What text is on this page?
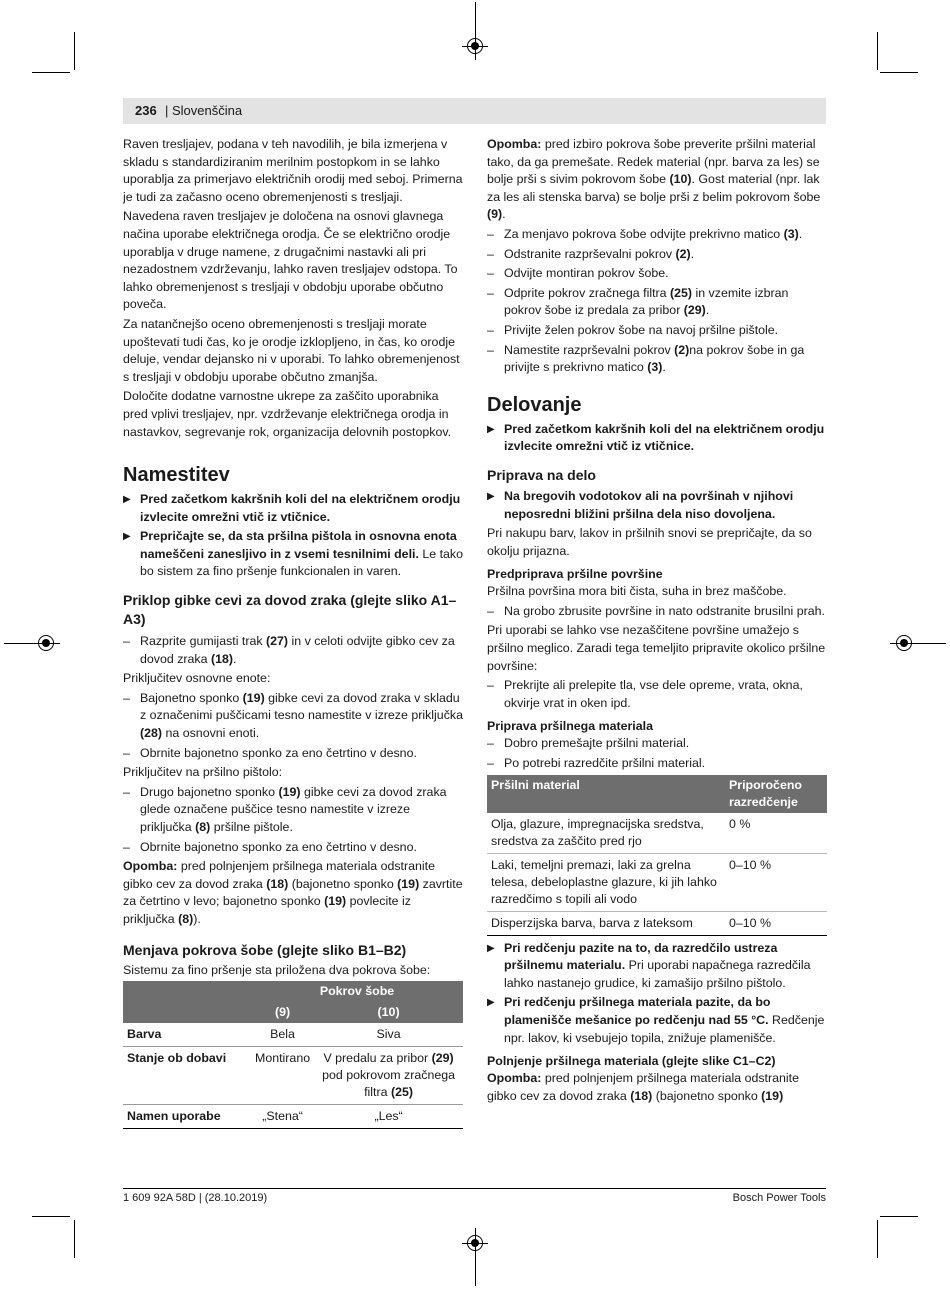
236 | Slovenščina

Raven tresljajev, podana v teh navodilih, je bila izmerjena v skladu s standardiziranim merilnim postopkom in se lahko uporablja za primerjavo električnih orodij med seboj. Primerna je tudi za začasno oceno obremenjenosti s tresljaji.

Navedena raven tresljajev je določena na osnovi glavnega načina uporabe električnega orodja. Če se električno orodje uporablja v druge namene, z drugačnimi nastavki ali pri nezadostnem vzdrževanju, lahko raven tresljajev odstopa. To lahko obremenjenost s tresljaji v obdobju uporabe občutno poveča.

Za natančnejšo oceno obremenjenosti s tresljaji morate upoštevati tudi čas, ko je orodje izklopljeno, in čas, ko orodje deluje, vendar dejansko ni v uporabi. To lahko obremenjenost s tresljaji v obdobju uporabe občutno zmanjša.

Določite dodatne varnostne ukrepe za zaščito uporabnika pred vplivi tresljajev, npr. vzdrževanje električnega orodja in nastavkov, segrevanje rok, organizacija delovnih postopkov.

Namestitev
▶ Pred začetkom kakršnih koli del na električnem orodju izvlecite omrežni vtič iz vtičnice.
▶ Prepričajte se, da sta pršilna pištola in osnovna enota nameščeni zanesljivo in z vsemi tesnilnimi deli. Le tako bo sistem za fino pršenje funkcionalen in varen.
Priklop gibke cevi za dovod zraka (glejte sliko A1–A3)
– Razprite gumijasti trak (27) in v celoti odvijte gibko cev za dovod zraka (18).

Priključitev osnovne enote:

– Bajonetno sponko (19) gibke cevi za dovod zraka v skladu z označenimi puščicami tesno namestite v izreze priključka (28) na osnovni enoti.
– Obrnite bajonetno sponko za eno četrtino v desno.

Priključitev na pršilno pištolo:

– Drugo bajonetno sponko (19) gibke cevi za dovod zraka glede označene puščice tesno namestite v izreze priključka (8) pršilne pištole.
– Obrnite bajonetno sponko za eno četrtino v desno.

Opomba: pred polnjenjem pršilnega materiala odstranite gibko cev za dovod zraka (18) (bajonetno sponko (19) zavrtite za četrtino v levo; bajonetno sponko (19) povlecite iz priključka (8)).

Menjava pokrova šobe (glejte sliko B1–B2)

Sistemu za fino pršenje sta priložena dva pokrova šobe:

	Pokrov šobe	
	(9)	(10)
Barva	Bela	Siva
Stanje ob dobavi	Montirano	V predalu za pribor (29) pod pokrovom zračnega filtra (25)
Namen uporabe	„Stena“	„Les“

Opomba: pred izbiro pokrova šobe preverite pršilni material tako, da ga premešate. Redek material (npr. barva za les) se bolje prši s sivim pokrovom šobe (10). Gost material (npr. lak za les ali stenska barva) se bolje prši z belim pokrovom šobe (9).

– Za menjavo pokrova šobe odvijte prekrivno matico (3).
– Odstranite razprševalni pokrov (2).
– Odvijte montiran pokrov šobe.
– Odprite pokrov zračnega filtra (25) in vzemite izbran pokrov šobe iz predala za pribor (29).
– Privijte želen pokrov šobe na navoj pršilne pištole.
– Namestite razprševalni pokrov (2)na pokrov šobe in ga privijte s prekrivno matico (3).
Delovanje
▶ Pred začetkom kakršnih koli del na električnem orodju izvlecite omrežni vtič iz vtičnice.
Priprava na delo
▶ Na bregovih vodotokov ali na površinah v njihovi neposredni bližini pršilna dela niso dovoljena.

Pri nakupu barv, lakov in pršilnih snovi se prepričajte, da so okolju prijazna.

Predpriprava pršilne površine

Pršilna površina mora biti čista, suha in brez maščobe.

– Na grobo zbrusite površine in nato odstranite brusilni prah.

Pri uporabi se lahko vse nezaščitene površine umažejo s pršilno meglico. Zaradi tega temeljito pripravite okolico pršilne površine:

– Prekrijte ali prelepite tla, vse dele opreme, vrata, okna, okvirje vrat in oken ipd.
Priprava pršilnega materiala
– Dobro premešajte pršilni material.
– Po potrebi razredčite pršilni material.
Pršilni material	Priporočeno razredčenje
Olja, glazure, impregnacijska sredstva, sredstva za zaščito pred rjo	0 %
Laki, temeljni premazi, laki za grelna telesa, debeloplastne glazure, ki jih lahko razredčimo s topili ali vodo	0–10 %
Disperzijska barva, barva z lateksom	0–10 %
▶ Pri redčenju pazite na to, da razredčilo ustreza pršilnemu materialu. Pri uporabi napačnega razredčila lahko nastanejo grudice, ki zamašijo pršilno pištolo.
▶ Pri redčenju pršilnega materiala pazite, da bo plamenišče mešanice po redčenju nad 55 °C. Redčenje npr. lakov, ki vsebujejo topila, znižuje plamenišče.
Polnjenje pršilnega materiala (glejte slike C1–C2)

Opomba: pred polnjenjem pršilnega materiala odstranite gibko cev za dovod zraka (18) (bajonetno sponko (19)

1 609 92A 58D | (28.10.2019)	Bosch Power Tools
